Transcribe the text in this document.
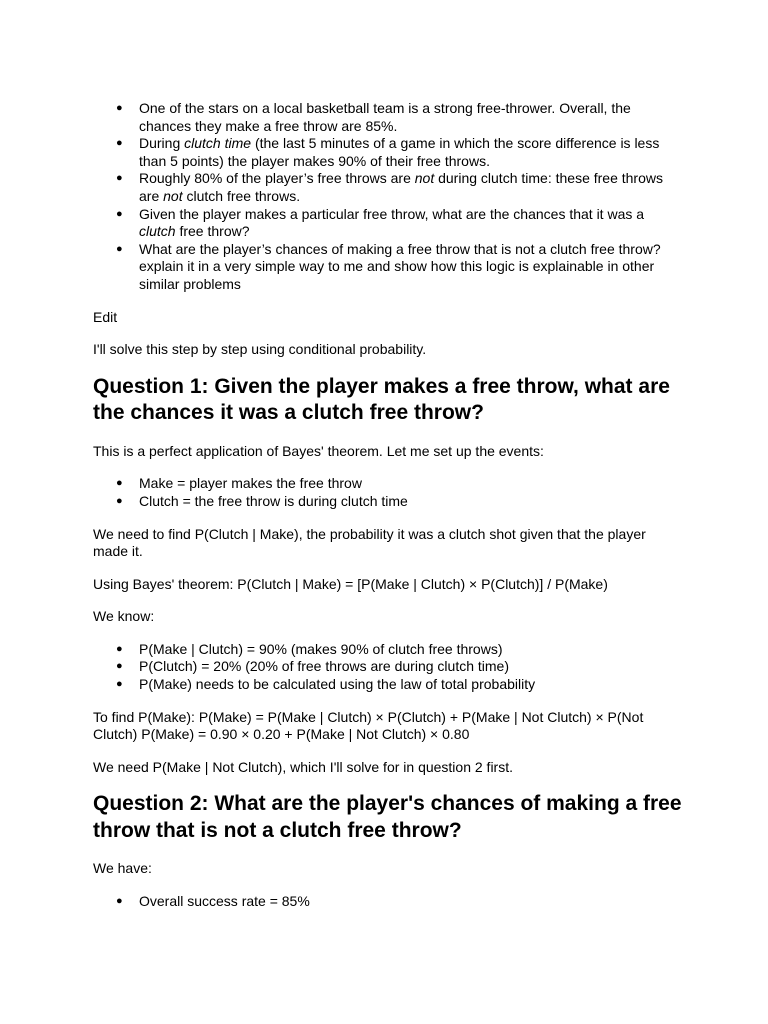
● One of the stars on a local basketball team is a strong free-thrower. Overall, the chances they make a free throw are 85%.
● During clutch time (the last 5 minutes of a game in which the score difference is less than 5 points) the player makes 90% of their free throws.
● Roughly 80% of the player’s free throws are not during clutch time: these free throws are not clutch free throws.
● Given the player makes a particular free throw, what are the chances that it was a clutch free throw?
● What are the player’s chances of making a free throw that is not a clutch free throw? explain it in a very simple way to me and show how this logic is explainable in other similar problems

Edit

I'll solve this step by step using conditional probability.

Question 1: Given the player makes a free throw, what are the chances it was a clutch free throw?

This is a perfect application of Bayes' theorem. Let me set up the events:

● Make = player makes the free throw
● Clutch = the free throw is during clutch time

We need to find P(Clutch | Make), the probability it was a clutch shot given that the player made it.

Using Bayes' theorem: P(Clutch | Make) = [P(Make | Clutch) × P(Clutch)] / P(Make)

We know:

● P(Make | Clutch) = 90% (makes 90% of clutch free throws)
● P(Clutch) = 20% (20% of free throws are during clutch time)
● P(Make) needs to be calculated using the law of total probability

To find P(Make): P(Make) = P(Make | Clutch) × P(Clutch) + P(Make | Not Clutch) × P(Not Clutch) P(Make) = 0.90 × 0.20 + P(Make | Not Clutch) × 0.80

We need P(Make | Not Clutch), which I'll solve for in question 2 first.

Question 2: What are the player's chances of making a free throw that is not a clutch free throw?

We have:

● Overall success rate = 85%
